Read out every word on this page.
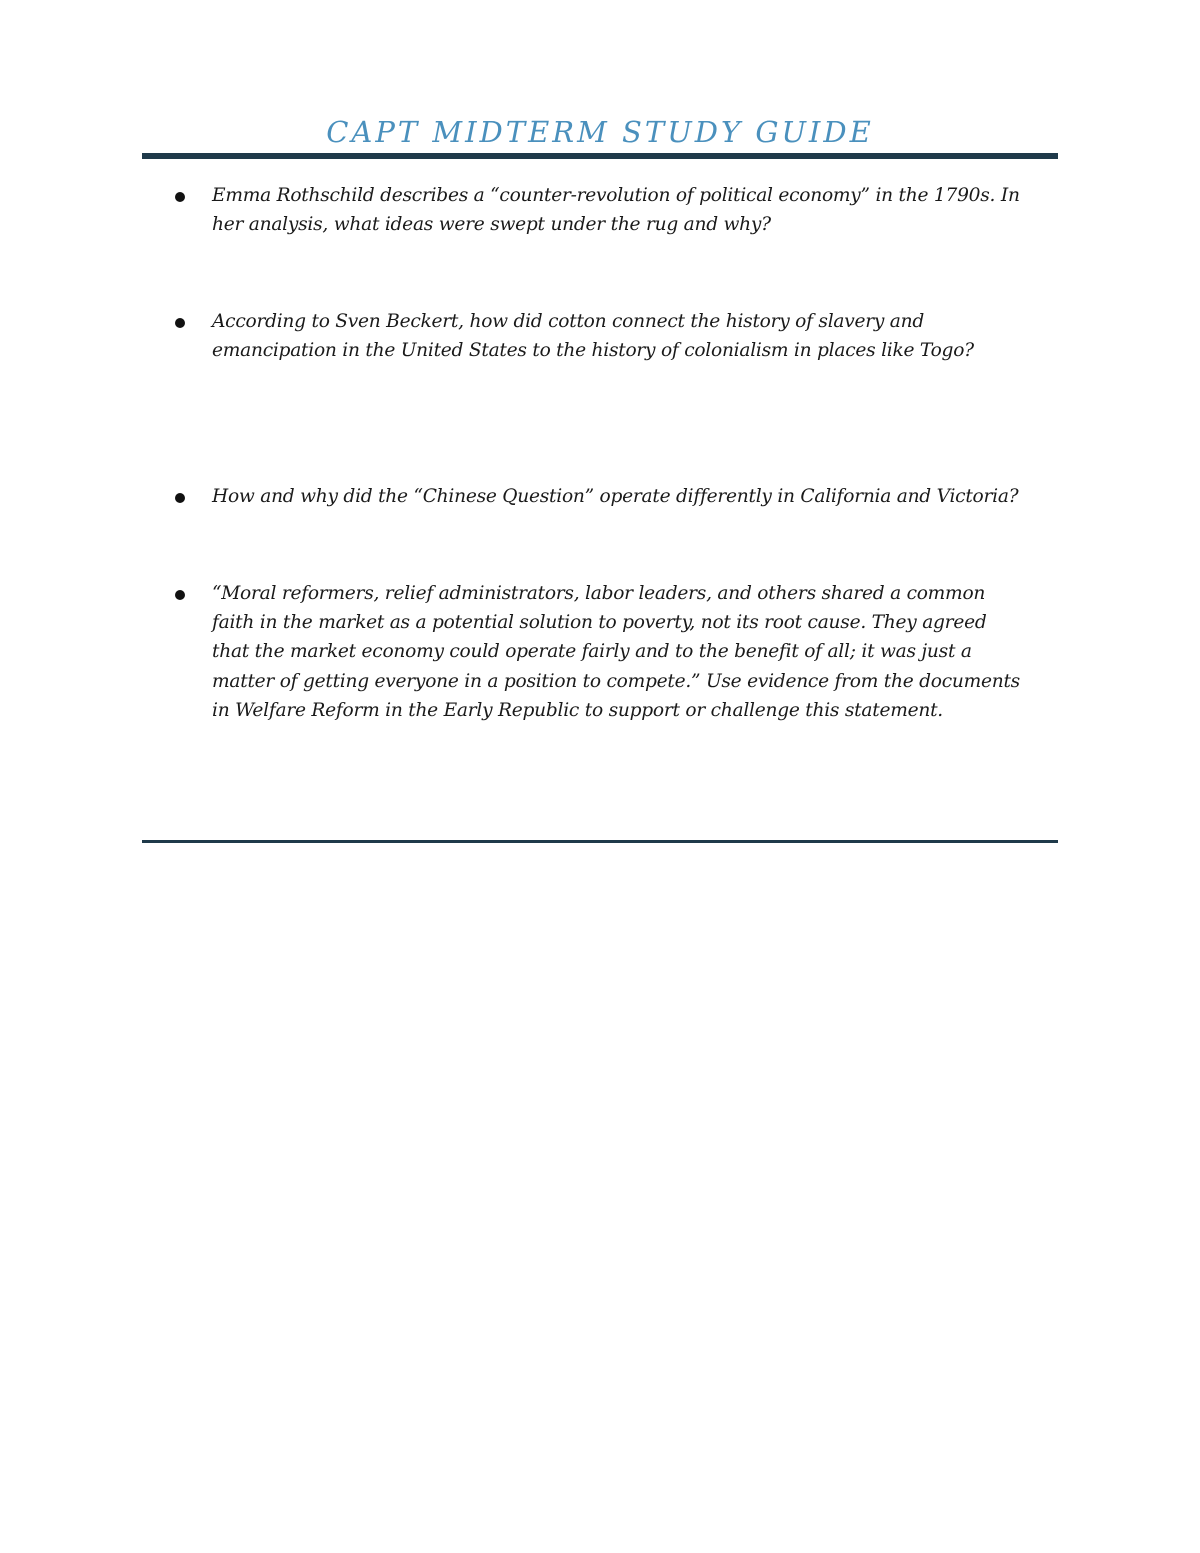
CAPT MIDTERM STUDY GUIDE
Emma Rothschild describes a “counter-revolution of political economy” in the 1790s. In
her analysis, what ideas were swept under the rug and why?
According to Sven Beckert, how did cotton connect the history of slavery and
emancipation in the United States to the history of colonialism in places like Togo?
How and why did the “Chinese Question” operate differently in California and Victoria?
“Moral reformers, relief administrators, labor leaders, and others shared a common
faith in the market as a potential solution to poverty, not its root cause. They agreed
that the market economy could operate fairly and to the benefit of all; it was just a
matter of getting everyone in a position to compete.” Use evidence from the documents
in Welfare Reform in the Early Republic to support or challenge this statement.
